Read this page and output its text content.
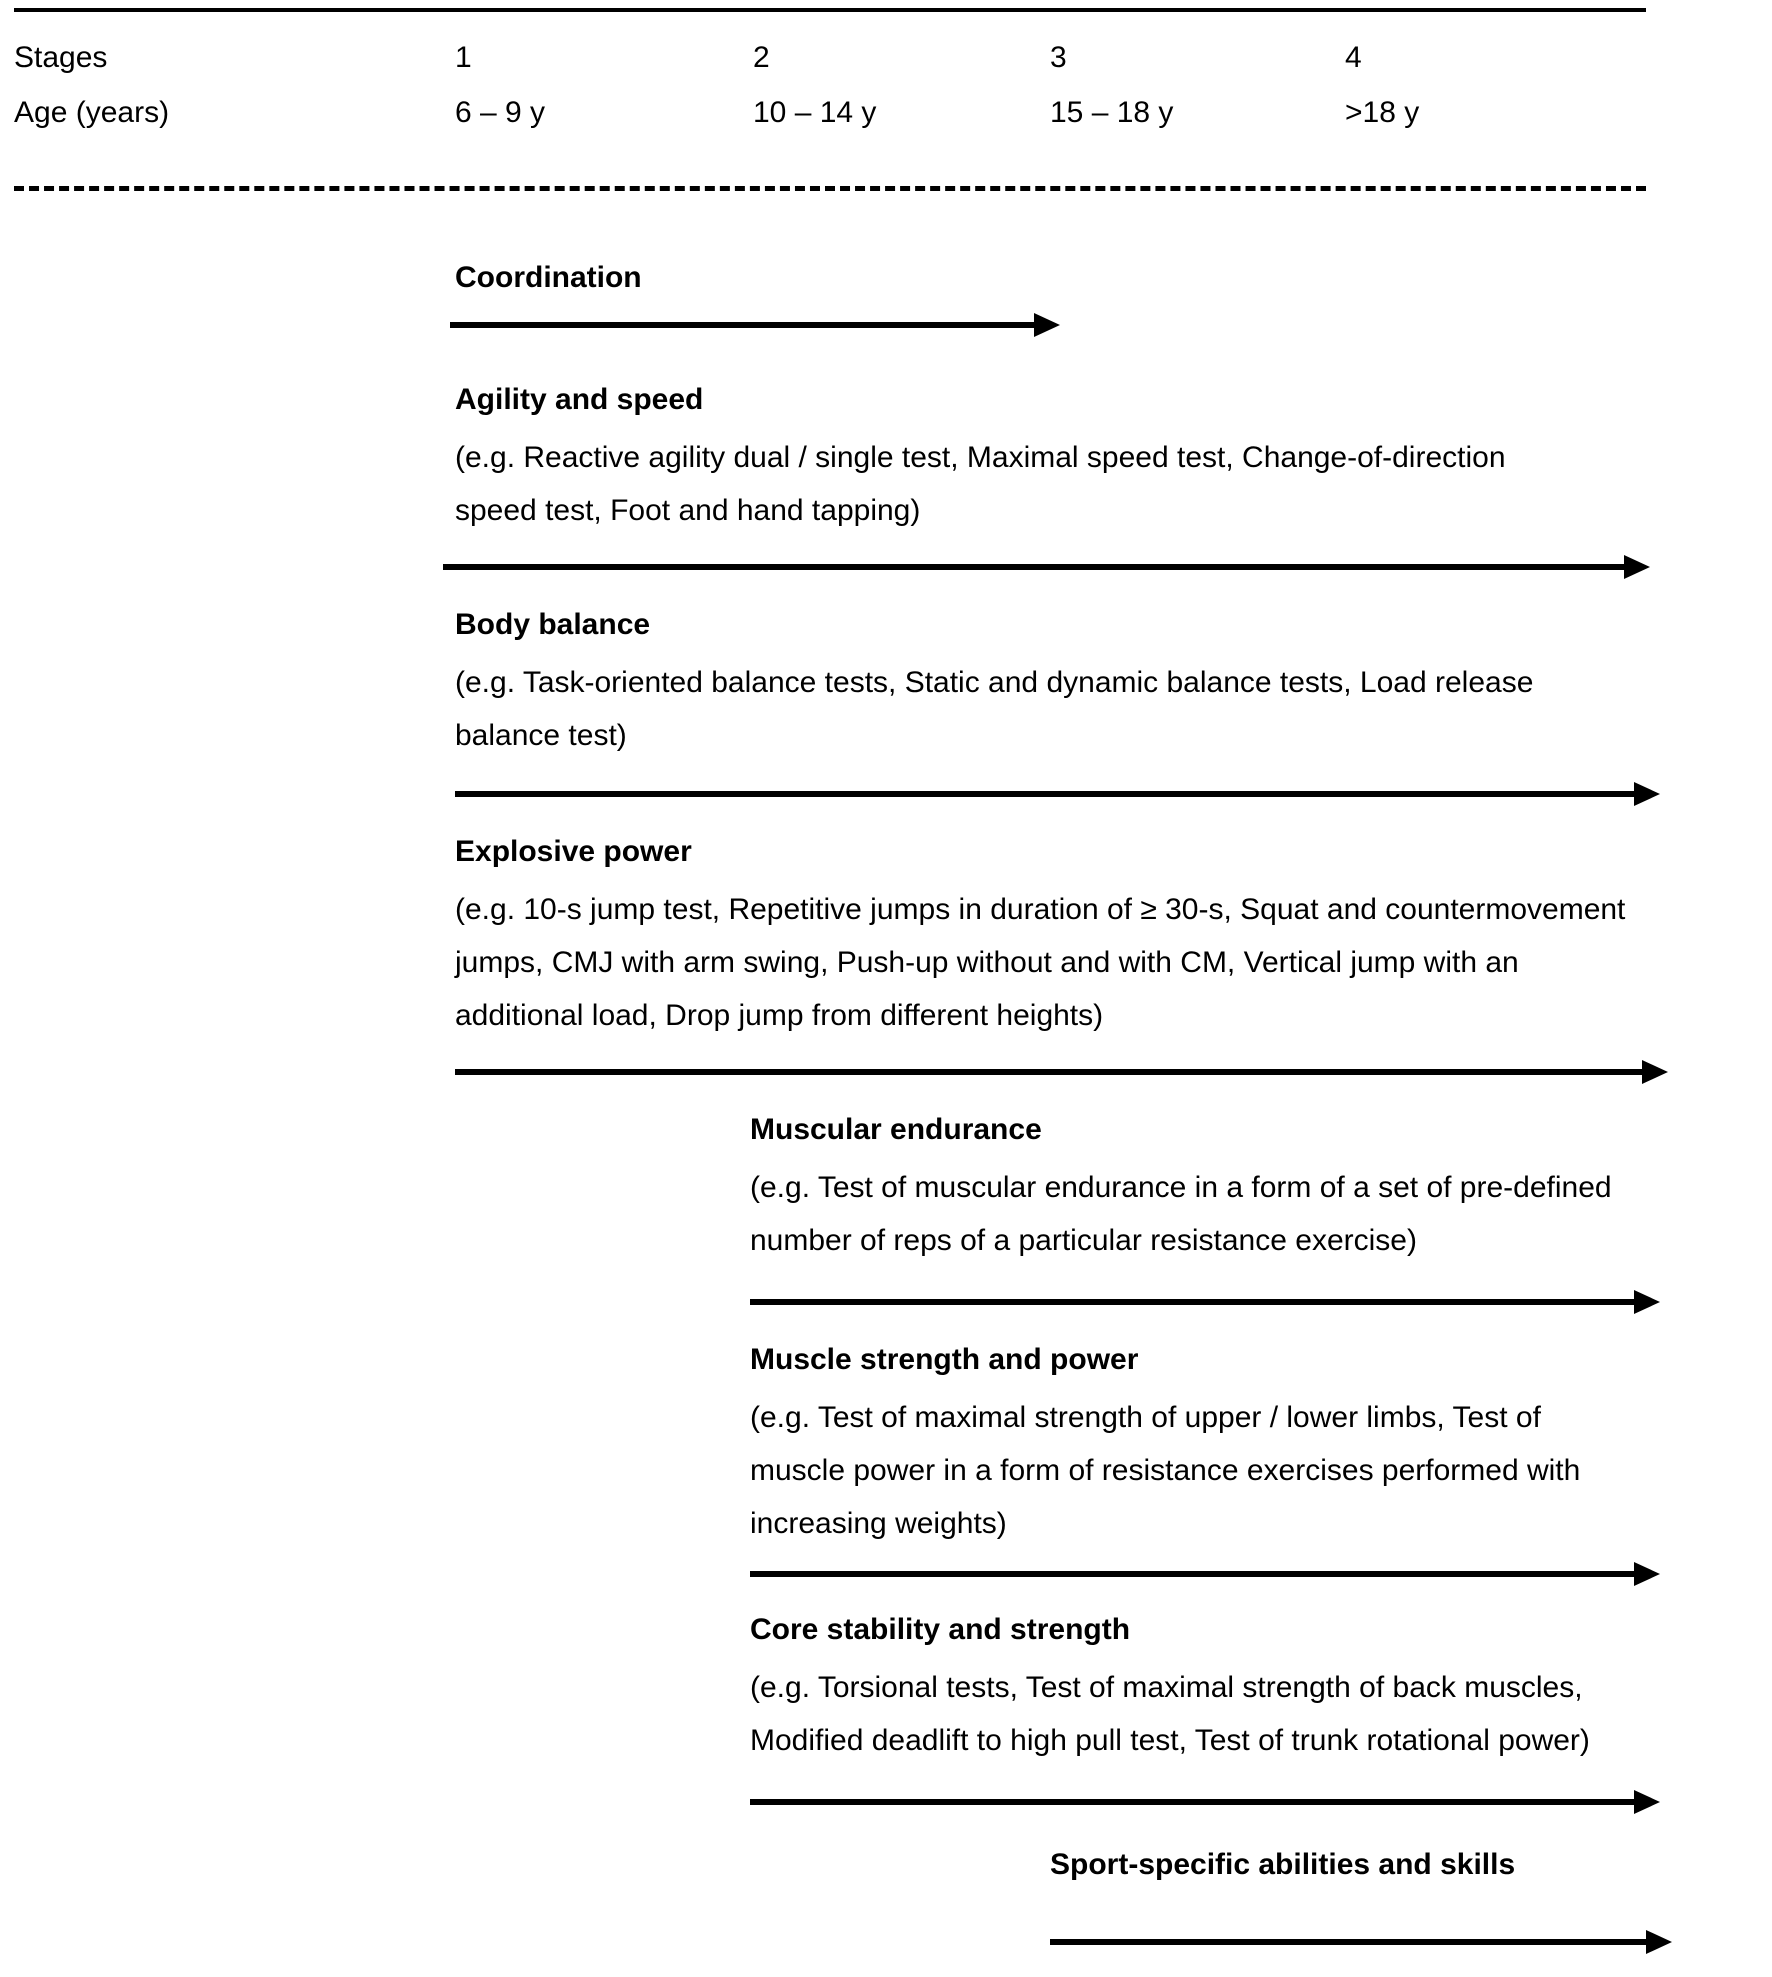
Stages	1	2	3	4
Age (years)	6 – 9 y	10 – 14 y	15 – 18 y	>18 y
Coordination
Agility and speed
(e.g. Reactive agility dual / single test, Maximal speed test, Change-of-direction
speed test, Foot and hand tapping)
Body balance
(e.g. Task-oriented balance tests, Static and dynamic balance tests, Load release
balance test)
Explosive power
(e.g. 10-s jump test, Repetitive jumps in duration of ≥ 30-s, Squat and countermovement
jumps, CMJ with arm swing, Push-up without and with CM, Vertical jump with an
additional load, Drop jump from different heights)
Muscular endurance
(e.g. Test of muscular endurance in a form of a set of pre-defined
number of reps of a particular resistance exercise)
Muscle strength and power
(e.g. Test of maximal strength of upper / lower limbs, Test of
muscle power in a form of resistance exercises performed with
increasing weights)
Core stability and strength
(e.g. Torsional tests, Test of maximal strength of back muscles,
Modified deadlift to high pull test, Test of trunk rotational power)
Sport-specific abilities and skills
